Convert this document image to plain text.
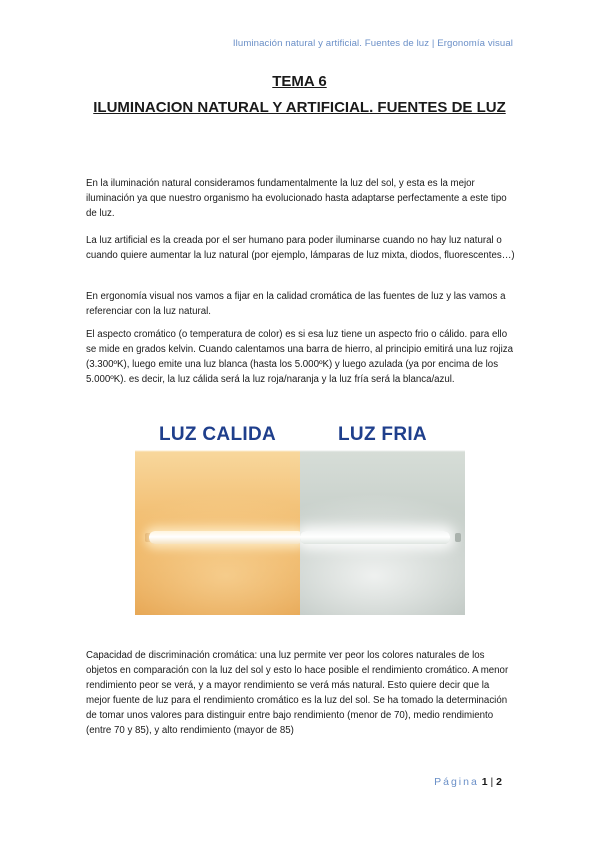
Iluminación natural y artificial. Fuentes de luz | Ergonomía visual
TEMA 6
ILUMINACION NATURAL Y ARTIFICIAL. FUENTES DE LUZ

En la iluminación natural consideramos fundamentalmente la luz del sol, y esta es la mejor iluminación ya que nuestro organismo ha evolucionado hasta adaptarse perfectamente a este tipo de luz.

La luz artificial es la creada por el ser humano para poder iluminarse cuando no hay luz natural o cuando quiere aumentar la luz natural (por ejemplo, lámparas de luz mixta, diodos, fluorescentes…)

En ergonomía visual nos vamos a fijar en la calidad cromática de las fuentes de luz y las vamos a referenciar con la luz natural.

El aspecto cromático (o temperatura de color) es si esa luz tiene un aspecto frio o cálido. para ello se mide en grados kelvin. Cuando calentamos una barra de hierro, al principio emitirá una luz rojiza (3.300ºK), luego emite una luz blanca (hasta los 5.000ºK) y luego azulada (ya por encima de los 5.000ºK). es decir, la luz cálida será la luz roja/naranja y la luz fría será la blanca/azul.

LUZ CALIDA	LUZ FRIA

Capacidad de discriminación cromática: una luz permite ver peor los colores naturales de los objetos en comparación con la luz del sol y esto lo hace posible el rendimiento cromático. A menor rendimiento peor se verá, y a mayor rendimiento se verá más natural. Esto quiere decir que la mejor fuente de luz para el rendimiento cromático es la luz del sol. Se ha tomado la determinación de tomar unos valores para distinguir entre bajo rendimiento (menor de 70), medio rendimiento (entre 70 y 85), y alto rendimiento (mayor de 85)

Página 1 | 2
